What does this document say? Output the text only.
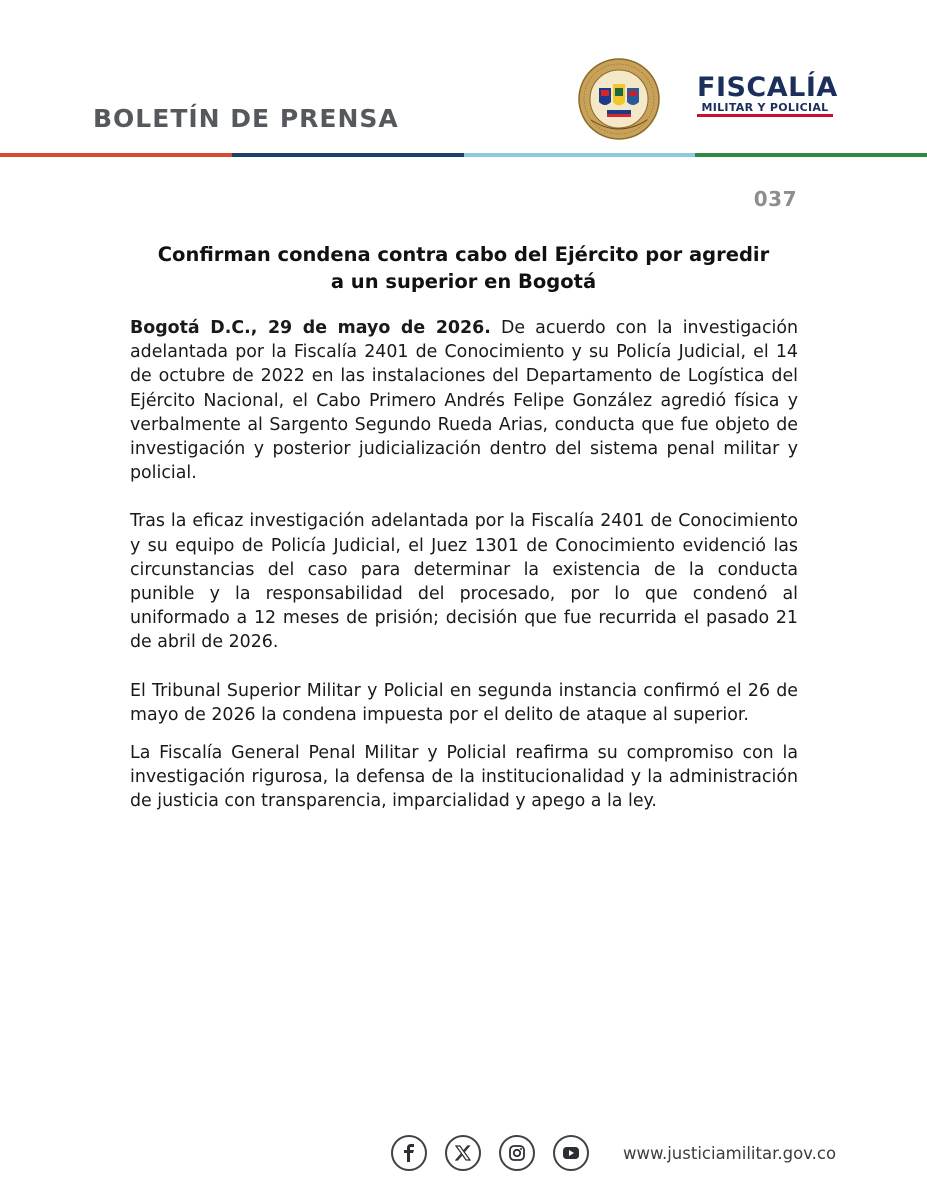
BOLETÍN DE PRENSA
FISCALÍA
MILITAR Y POLICIAL
037
Confirman condena contra cabo del Ejército por agredir
a un superior en Bogotá

Bogotá D.C., 29 de mayo de 2026. De acuerdo con la investigación adelantada por la Fiscalía 2401 de Conocimiento y su Policía Judicial, el 14 de octubre de 2022 en las instalaciones del Departamento de Logística del Ejército Nacional, el Cabo Primero Andrés Felipe González agredió física y verbalmente al Sargento Segundo Rueda Arias, conducta que fue objeto de investigación y posterior judicialización dentro del sistema penal militar y policial.

Tras la eficaz investigación adelantada por la Fiscalía 2401 de Conocimiento y su equipo de Policía Judicial, el Juez 1301 de Conocimiento evidenció las circunstancias del caso para determinar la existencia de la conducta punible y la responsabilidad del procesado, por lo que condenó al uniformado a 12 meses de prisión; decisión que fue recurrida el pasado 21 de abril de 2026.

El Tribunal Superior Militar y Policial en segunda instancia confirmó el 26 de mayo de 2026 la condena impuesta por el delito de ataque al superior.

La Fiscalía General Penal Militar y Policial reafirma su compromiso con la investigación rigurosa, la defensa de la institucionalidad y la administración de justicia con transparencia, imparcialidad y apego a la ley.

www.justiciamilitar.gov.co
